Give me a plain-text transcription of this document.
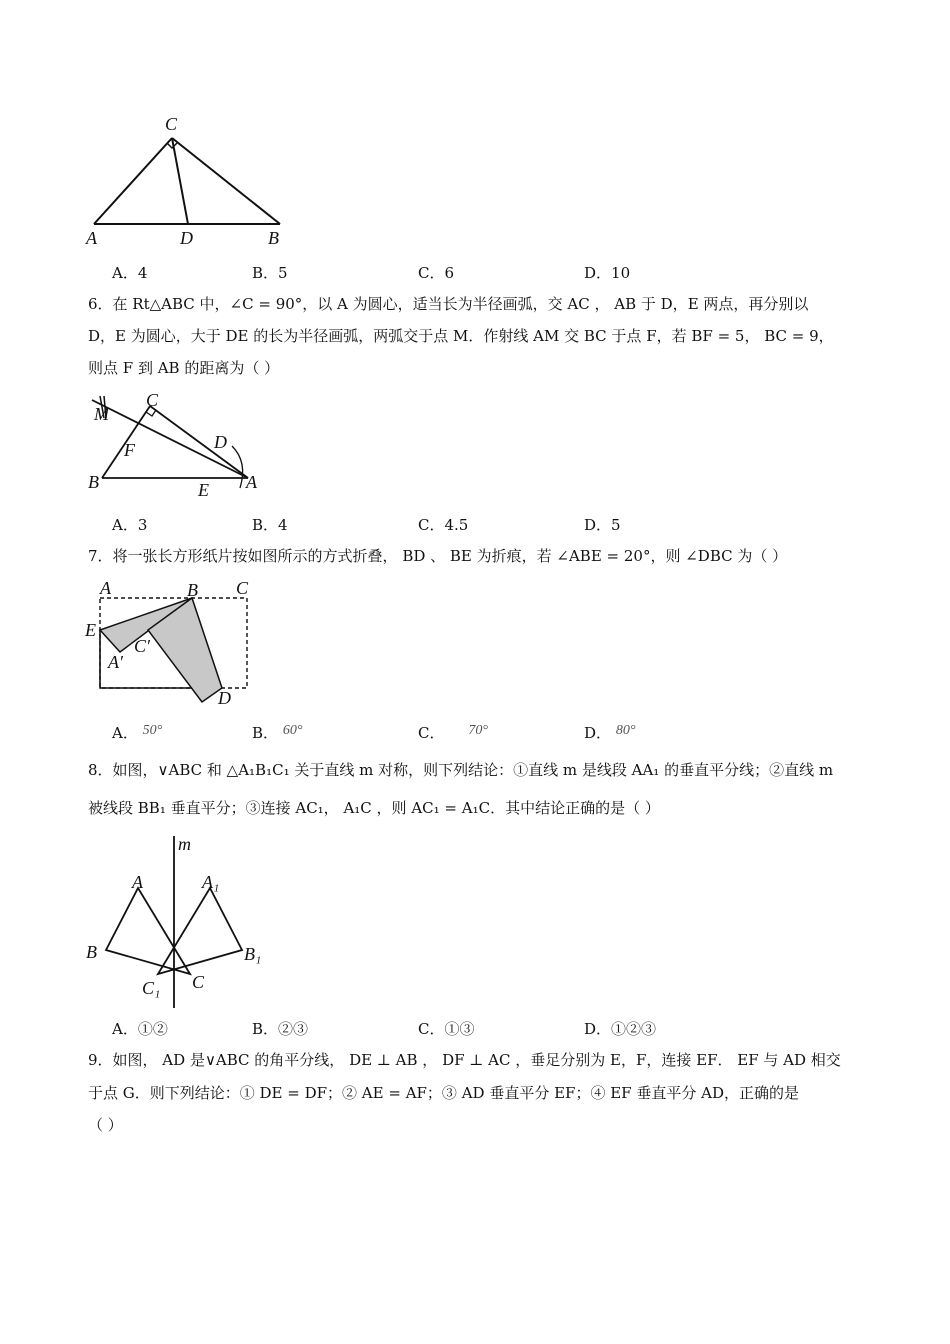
C
A	D	B
A．4	B．5	C．6	D．10
6．在 Rt△ABC 中，∠C = 90°，以 A 为圆心，适当长为半径画弧，交 AC ， AB 于 D，E 两点，再分别以
D，E 为圆心，大于 DE 的长为半径画弧，两弧交于点 M．作射线 AM 交 BC 于点 F，若 BF = 5， BC = 9，
则点 F 到 AB 的距离为（ ）
M
C
D
F
B	E A
A．3	B．4	C．4.5	D．5
7．将一张长方形纸片按如图所示的方式折叠， BD 、 BE 为折痕，若 ∠ABE = 20°，则 ∠DBC 为（ ）
A	B C
E
C′
A′
D
A． 50°	B． 60°	C． 70°	D． 80°
8．如图，∨ABC 和 △A₁B₁C₁ 关于直线 m 对称，则下列结论：①直线 m 是线段 AA₁ 的垂直平分线；②直线 m
被线段 BB₁ 垂直平分；③连接 AC₁， A₁C ，则 AC₁ = A₁C．其中结论正确的是（ ）
m
A	A₁
B	B₁
C₁ C
A．①②	B．②③	C．①③	D．①②③
9．如图， AD 是∨ABC 的角平分线， DE ⊥ AB ， DF ⊥ AC ，垂足分别为 E，F，连接 EF． EF 与 AD 相交
于点 G．则下列结论：① DE = DF；② AE = AF；③ AD 垂直平分 EF；④ EF 垂直平分 AD，正确的是
（ ）
